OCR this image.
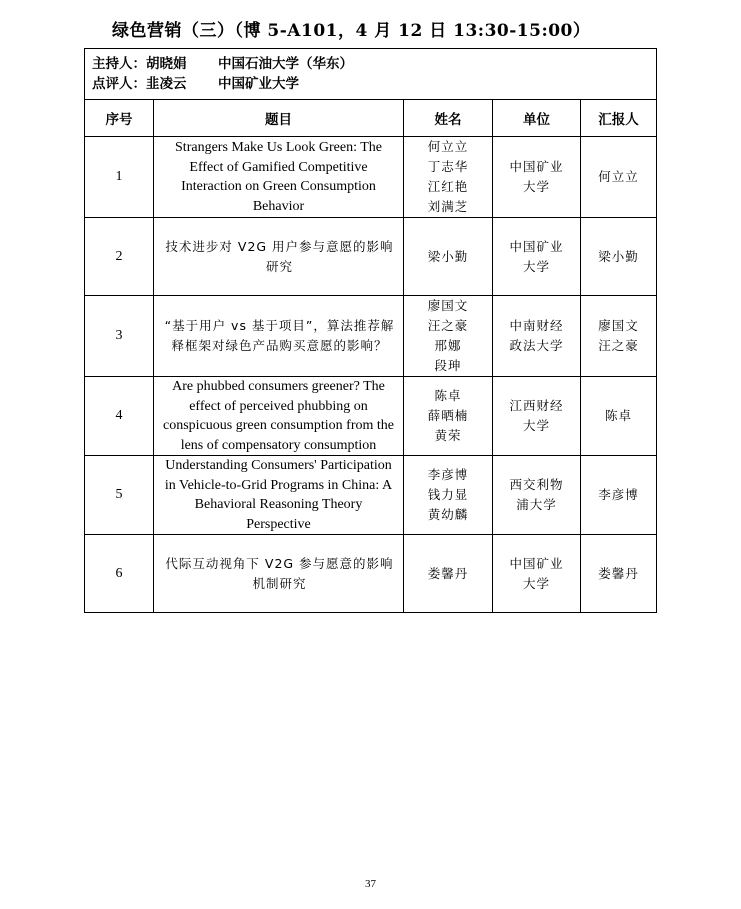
绿色营销（三）（博 5-A101，4 月 12 日 13:30-15:00）
主持人：胡晓娟 中国石油大学（华东）
点评人：韭凌云 中国矿业大学				

序号	题目	姓名	单位	汇报人
1	Strangers Make Us Look Green: The Effect of Gamified Competitive Interaction on Green Consumption Behavior	何立立
丁志华
江红艳
刘满芝	中国矿业大学	何立立
2	技术进步对 V2G 用户参与意愿的影响研究	梁小勤	中国矿业大学	梁小勤
3	“基于用户 vs 基于项目”，算法推荐解释框架对绿色产品购买意愿的影响？	廖国文
汪之豪
邢娜
段珅	中南财经政法大学	廖国文 汪之豪
4	Are phubbed consumers greener? The effect of perceived phubbing on conspicuous green consumption from the lens of compensatory consumption	陈卓
薛晒楠
黄荣	江西财经大学	陈卓
5	Understanding Consumers' Participation in Vehicle-to-Grid Programs in China: A Behavioral Reasoning Theory Perspective	李彦博
钱力显
黄幼麟	西交利物浦大学	李彦博
6	代际互动视角下 V2G 参与愿意的影响机制研究	娄馨丹	中国矿业大学	娄馨丹
37
